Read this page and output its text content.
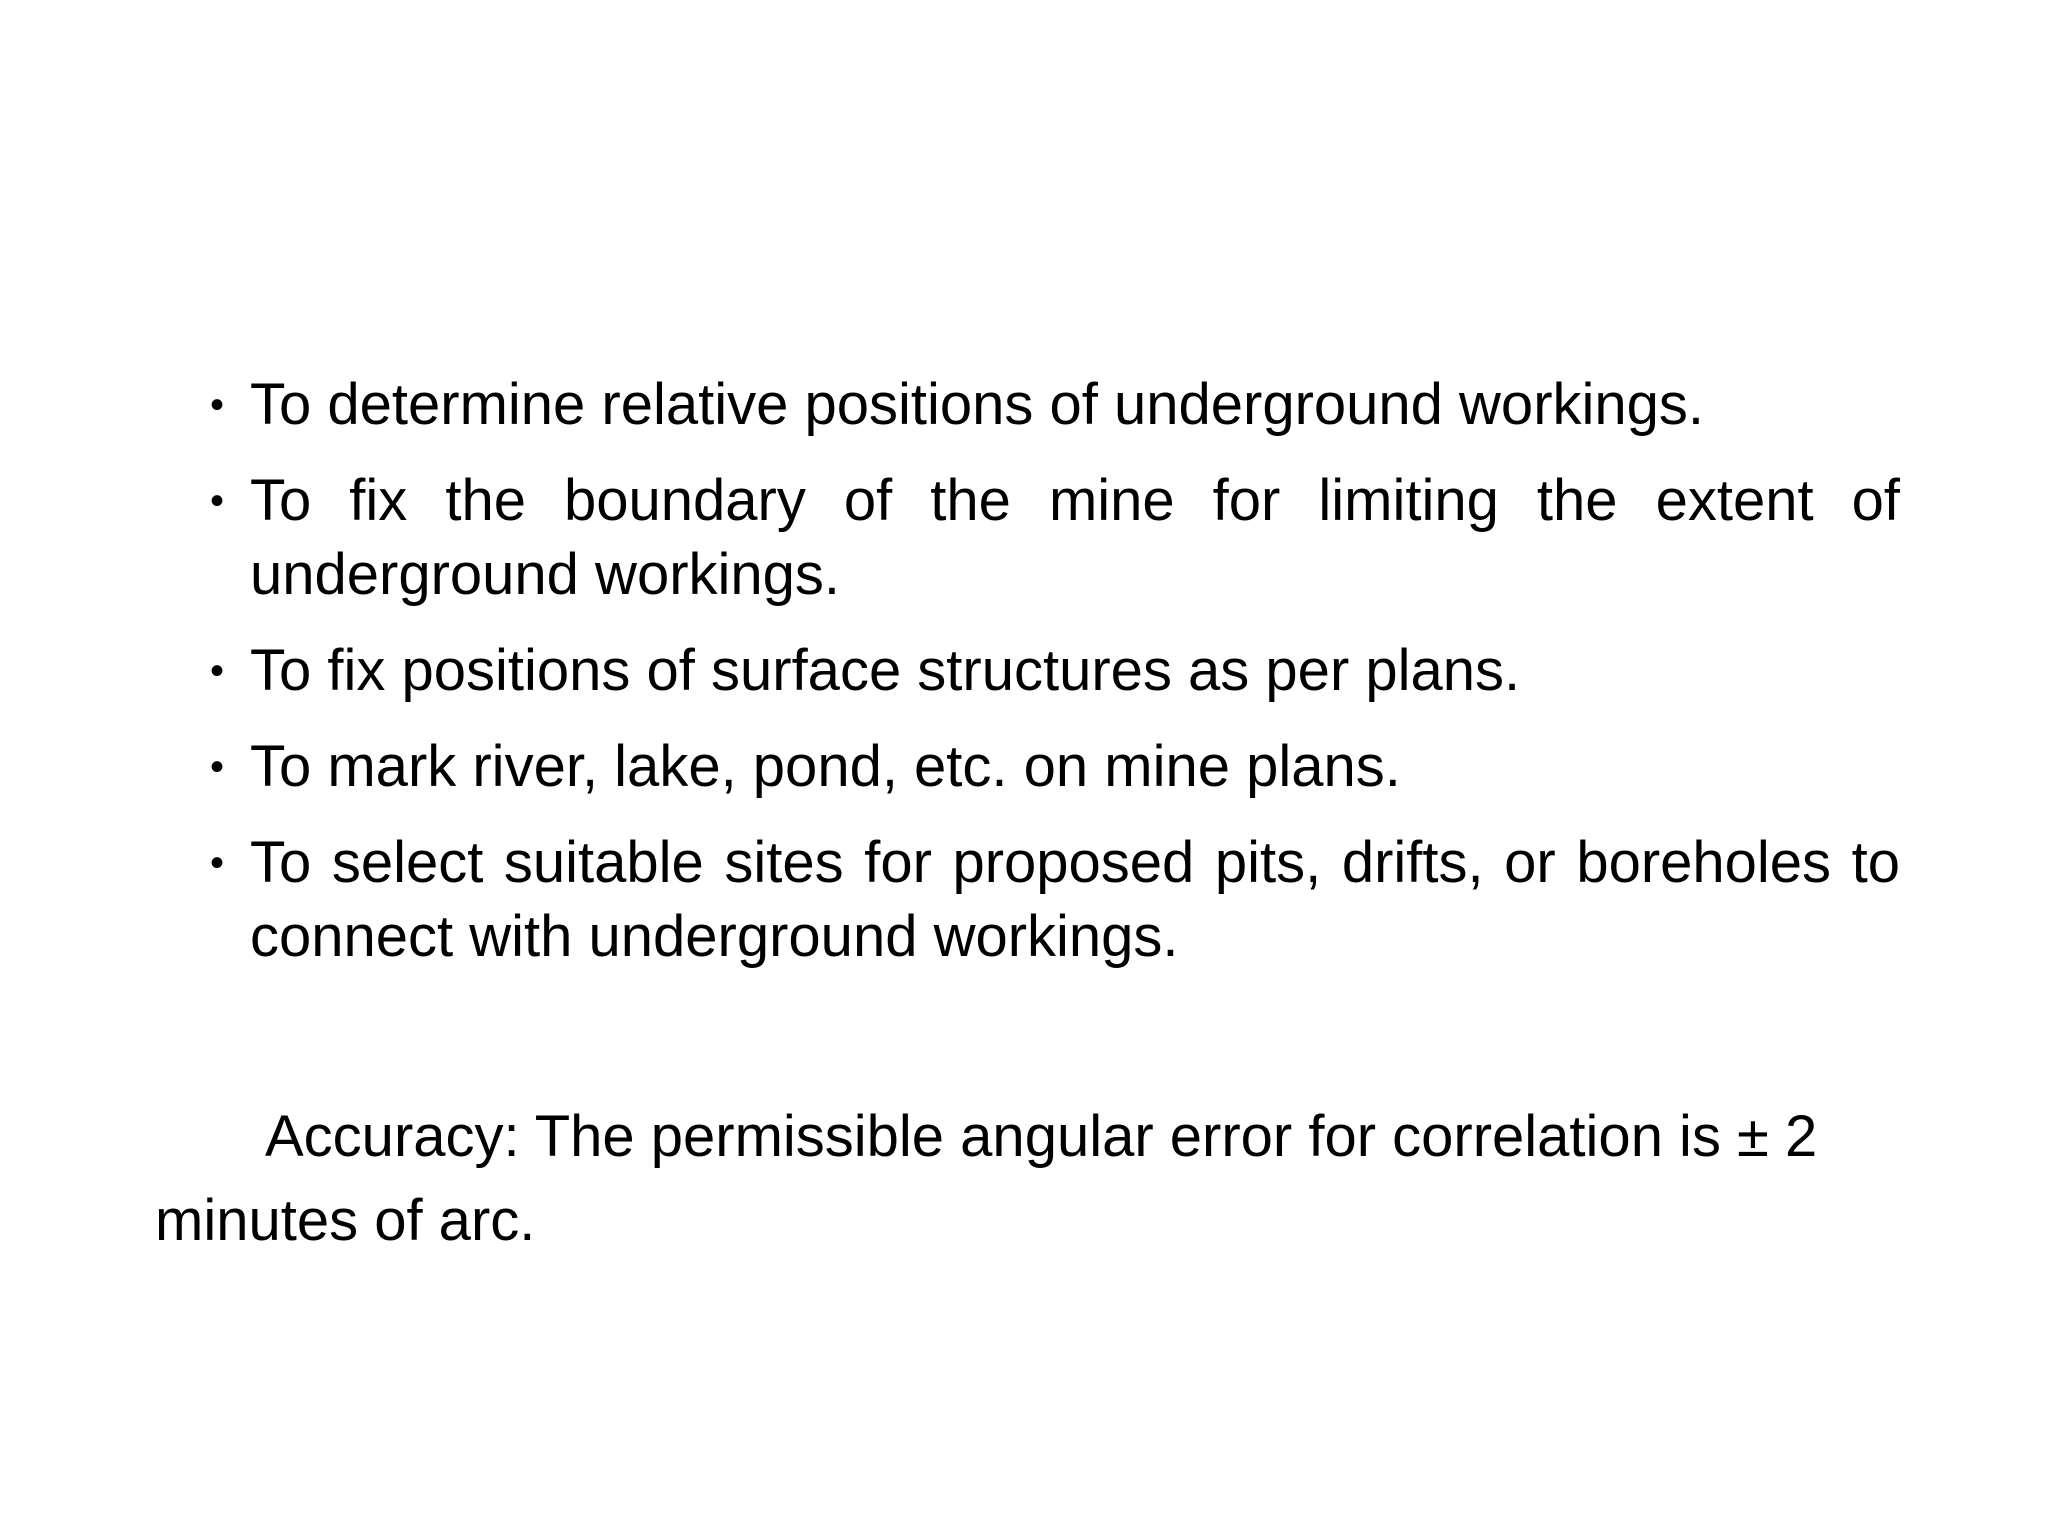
• To determine relative positions of underground workings.
• To fix the boundary of the mine for limiting the extent of underground workings.
• To fix positions of surface structures as per plans.
• To mark river, lake, pond, etc. on mine plans.
• To select suitable sites for proposed pits, drifts, or boreholes to connect with underground workings.

Accuracy: The permissible angular error for correlation is ± 2 minutes of arc.
